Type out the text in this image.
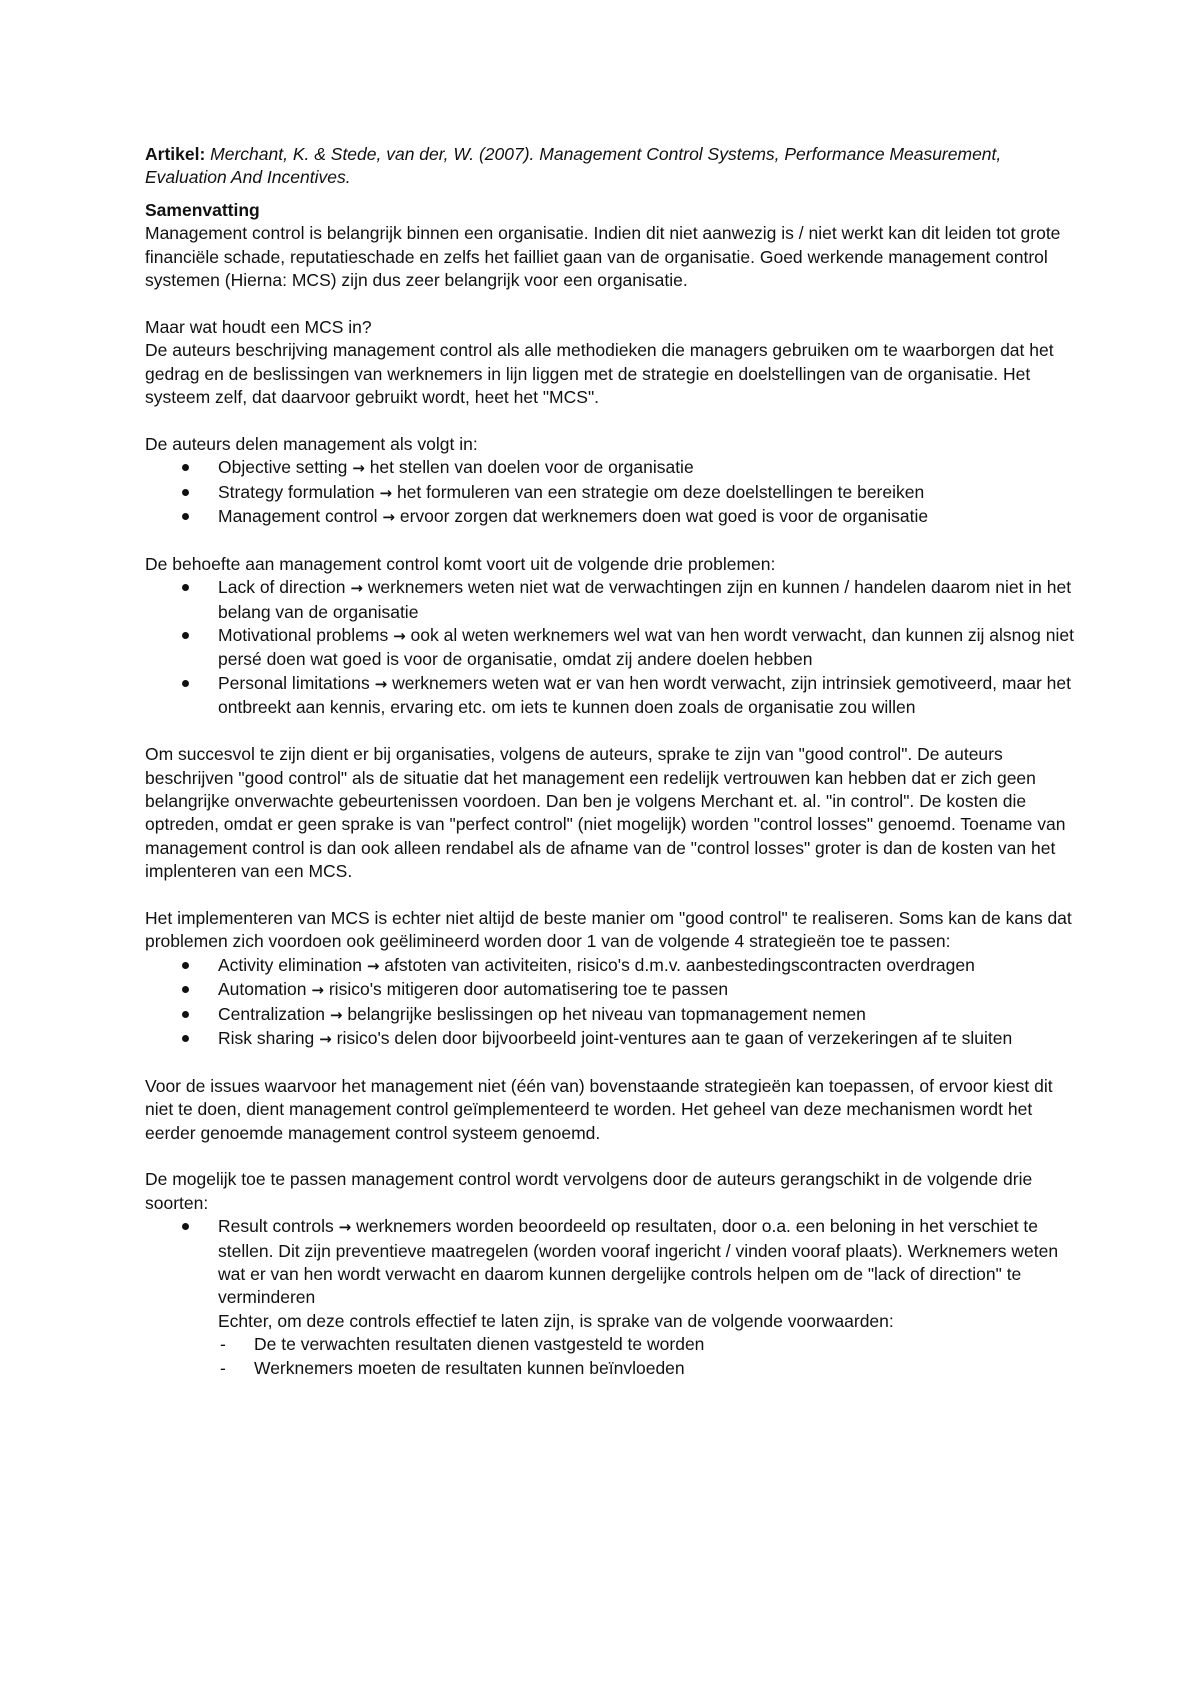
Artikel: Merchant, K. & Stede, van der, W. (2007). Management Control Systems, Performance Measurement, Evaluation And Incentives.

Samenvatting

Management control is belangrijk binnen een organisatie. Indien dit niet aanwezig is / niet werkt kan dit leiden tot grote financiële schade, reputatieschade en zelfs het failliet gaan van de organisatie. Goed werkende management control systemen (Hierna: MCS) zijn dus zeer belangrijk voor een organisatie.

Maar wat houdt een MCS in?

De auteurs beschrijving management control als alle methodieken die managers gebruiken om te waarborgen dat het gedrag en de beslissingen van werknemers in lijn liggen met de strategie en doelstellingen van de organisatie. Het systeem zelf, dat daarvoor gebruikt wordt, heet het "MCS".

De auteurs delen management als volgt in:

Objective setting → het stellen van doelen voor de organisatie
Strategy formulation → het formuleren van een strategie om deze doelstellingen te bereiken
Management control → ervoor zorgen dat werknemers doen wat goed is voor de organisatie

De behoefte aan management control komt voort uit de volgende drie problemen:

Lack of direction → werknemers weten niet wat de verwachtingen zijn en kunnen / handelen daarom niet in het belang van de organisatie
Motivational problems → ook al weten werknemers wel wat van hen wordt verwacht, dan kunnen zij alsnog niet persé doen wat goed is voor de organisatie, omdat zij andere doelen hebben
Personal limitations → werknemers weten wat er van hen wordt verwacht, zijn intrinsiek gemotiveerd, maar het ontbreekt aan kennis, ervaring etc. om iets te kunnen doen zoals de organisatie zou willen

Om succesvol te zijn dient er bij organisaties, volgens de auteurs, sprake te zijn van "good control". De auteurs beschrijven "good control" als de situatie dat het management een redelijk vertrouwen kan hebben dat er zich geen belangrijke onverwachte gebeurtenissen voordoen. Dan ben je volgens Merchant et. al. "in control". De kosten die optreden, omdat er geen sprake is van "perfect control" (niet mogelijk) worden "control losses" genoemd. Toename van management control is dan ook alleen rendabel als de afname van de "control losses" groter is dan de kosten van het implenteren van een MCS.

Het implementeren van MCS is echter niet altijd de beste manier om "good control" te realiseren. Soms kan de kans dat problemen zich voordoen ook geëlimineerd worden door 1 van de volgende 4 strategieën toe te passen:

Activity elimination → afstoten van activiteiten, risico's d.m.v. aanbestedingscontracten overdragen
Automation → risico's mitigeren door automatisering toe te passen
Centralization → belangrijke beslissingen op het niveau van topmanagement nemen
Risk sharing → risico's delen door bijvoorbeeld joint-ventures aan te gaan of verzekeringen af te sluiten

Voor de issues waarvoor het management niet (één van) bovenstaande strategieën kan toepassen, of ervoor kiest dit niet te doen, dient management control geïmplementeerd te worden. Het geheel van deze mechanismen wordt het eerder genoemde management control systeem genoemd.

De mogelijk toe te passen management control wordt vervolgens door de auteurs gerangschikt in de volgende drie soorten:

Result controls → werknemers worden beoordeeld op resultaten, door o.a. een beloning in het verschiet te stellen. Dit zijn preventieve maatregelen (worden vooraf ingericht / vinden vooraf plaats). Werknemers weten wat er van hen wordt verwacht en daarom kunnen dergelijke controls helpen om de "lack of direction" te verminderen

Echter, om deze controls effectief te laten zijn, is sprake van de volgende voorwaarden:

- De te verwachten resultaten dienen vastgesteld te worden
- Werknemers moeten de resultaten kunnen beïnvloeden
